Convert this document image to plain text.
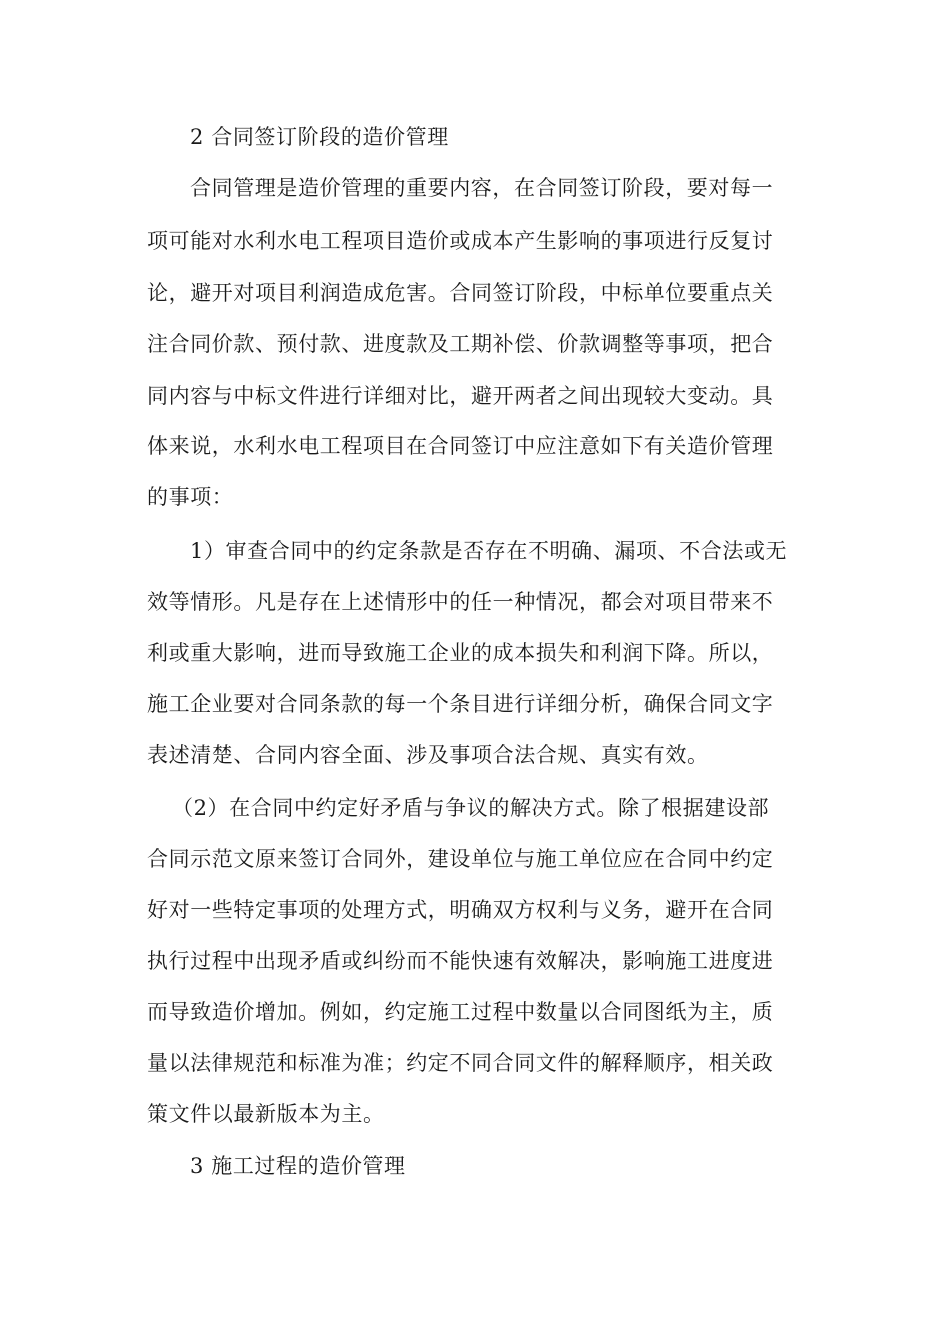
2 合同签订阶段的造价管理
合同管理是造价管理的重要内容，在合同签订阶段，要对每一
项可能对水利水电工程项目造价或成本产生影响的事项进行反复讨
论，避开对项目利润造成危害。合同签订阶段，中标单位要重点关
注合同价款、预付款、进度款及工期补偿、价款调整等事项，把合
同内容与中标文件进行详细对比，避开两者之间出现较大变动。具
体来说，水利水电工程项目在合同签订中应注意如下有关造价管理
的事项：
1）审查合同中的约定条款是否存在不明确、漏项、不合法或无
效等情形。凡是存在上述情形中的任一种情况，都会对项目带来不
利或重大影响，进而导致施工企业的成本损失和利润下降。所以，
施工企业要对合同条款的每一个条目进行详细分析，确保合同文字
表述清楚、合同内容全面、涉及事项合法合规、真实有效。
（2）在合同中约定好矛盾与争议的解决方式。除了根据建设部
合同示范文原来签订合同外，建设单位与施工单位应在合同中约定
好对一些特定事项的处理方式，明确双方权利与义务，避开在合同
执行过程中出现矛盾或纠纷而不能快速有效解决，影响施工进度进
而导致造价增加。例如，约定施工过程中数量以合同图纸为主，质
量以法律规范和标准为准；约定不同合同文件的解释顺序，相关政
策文件以最新版本为主。
3 施工过程的造价管理
